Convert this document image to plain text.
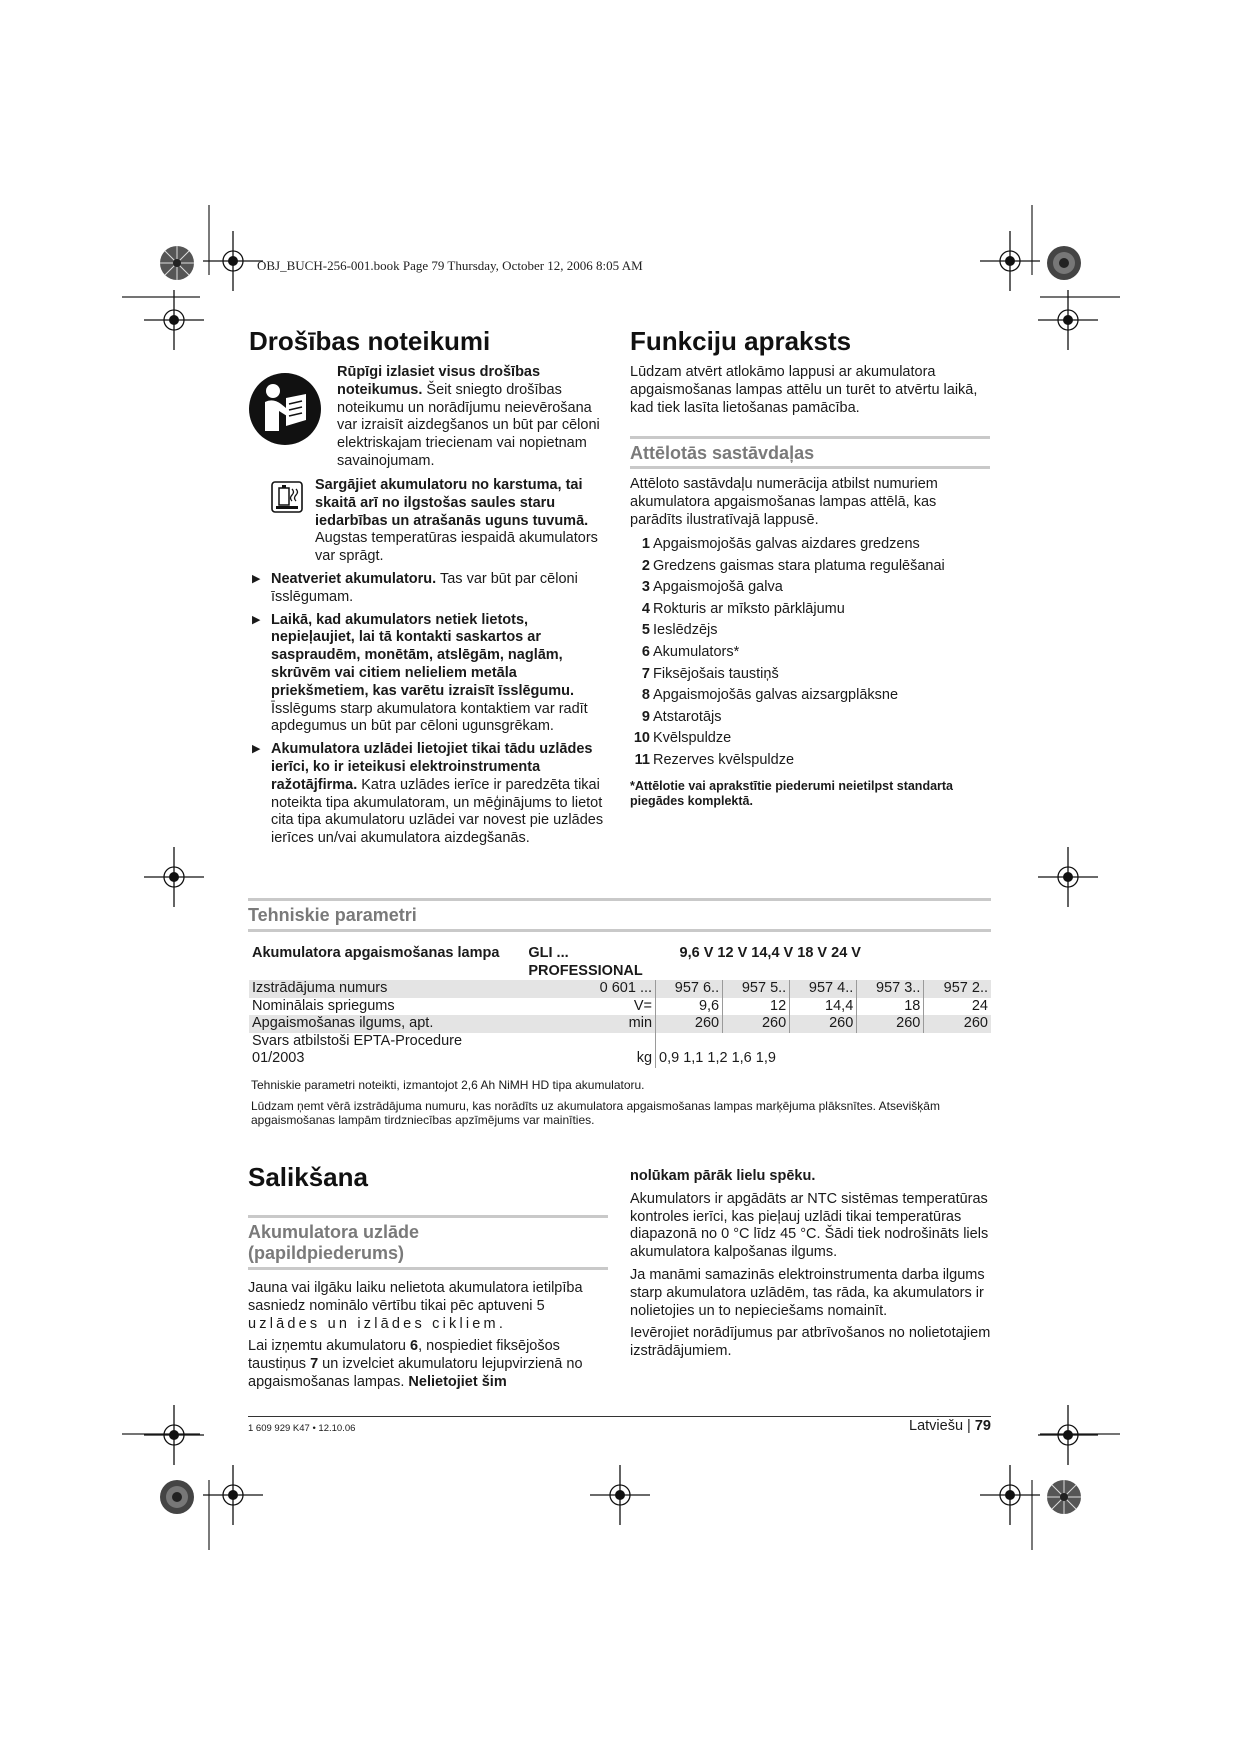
OBJ_BUCH-256-001.book Page 79 Thursday, October 12, 2006 8:05 AM
Drošības noteikumi
Rūpīgi izlasiet visus drošības noteikumus. Šeit sniegto drošības noteikumu un norādījumu neievērošana var izraisīt aizdegšanos un būt par cēloni elektriskajam triecienam vai nopietnam savainojumam.
Sargājiet akumulatoru no karstuma, tai skaitā arī no ilgstošas saules staru iedarbības un atrašanās uguns tuvumā. Augstas temperatūras iespaidā akumulators var sprāgt.
▶ Neatveriet akumulatoru. Tas var būt par cēloni īsslēgumam.
▶ Laikā, kad akumulators netiek lietots, nepieļaujiet, lai tā kontakti saskartos ar saspraudēm, monētām, atslēgām, naglām, skrūvēm vai citiem nelieliem metāla priekšmetiem, kas varētu izraisīt īsslēgumu. Īsslēgums starp akumulatora kontaktiem var radīt apdegumus un būt par cēloni ugunsgrēkam.
▶ Akumulatora uzlādei lietojiet tikai tādu uzlādes ierīci, ko ir ieteikusi elektroinstrumenta ražotājfirma. Katra uzlādes ierīce ir paredzēta tikai noteikta tipa akumulatoram, un mēģinājums to lietot cita tipa akumulatoru uzlādei var novest pie uzlādes ierīces un/vai akumulatora aizdegšanās.
Funkciju apraksts
Lūdzam atvērt atlokāmo lappusi ar akumulatora apgaismošanas lampas attēlu un turēt to atvērtu laikā, kad tiek lasīta lietošanas pamācība.
Attēlotās sastāvdaļas
Attēloto sastāvdaļu numerācija atbilst numuriem akumulatora apgaismošanas lampas attēlā, kas parādīts ilustratīvajā lappusē.
1 Apgaismojošās galvas aizdares gredzens
2 Gredzens gaismas stara platuma regulēšanai
3 Apgaismojošā galva
4 Rokturis ar mīksto pārklājumu
5 Ieslēdzējs
6 Akumulators*
7 Fiksējošais taustiņš
8 Apgaismojošās galvas aizsargplāksne
9 Atstarotājs
10 Kvēlspuldze
11 Rezerves kvēlspuldze
*Attēlotie vai aprakstītie piederumi neietilpst standarta piegādes komplektā.
Tehniskie parametri
Akumulatora apgaismošanas lampa	GLI ... PROFESSIONAL	9,6 V 12 V 14,4 V 18 V 24 V				
Izstrādājuma numurs	0 601 ...	957 6..	957 5..	957 4..	957 3..	957 2..
Nominālais spriegums	V=	9,6	12	14,4	18	24
Apgaismošanas ilgums, apt.	min	260	260	260	260	260
Svars atbilstoši EPTA-Procedure
01/2003	kg	0,9 1,1 1,2 1,6 1,9				
Tehniskie parametri noteikti, izmantojot 2,6 Ah NiMH HD tipa akumulatoru.
Lūdzam ņemt vērā izstrādājuma numuru, kas norādīts uz akumulatora apgaismošanas lampas marķējuma plāksnītes. Atsevišķām apgaismošanas lampām tirdzniecības apzīmējums var mainīties.
Salikšana
Akumulatora uzlāde
(papildpiederums)

Jauna vai ilgāku laiku nelietota akumulatora ietilpība sasniedz nominālo vērtību tikai pēc aptuveni 5 uzlādes un izlādes cikliem.

Lai izņemtu akumulatoru 6, nospiediet fiksējošos taustiņus 7 un izvelciet akumulatoru lejupvirzienā no apgaismošanas lampas. Nelietojiet šim

nolūkam pārāk lielu spēku.

Akumulators ir apgādāts ar NTC sistēmas temperatūras kontroles ierīci, kas pieļauj uzlādi tikai temperatūras diapazonā no 0 °C līdz 45 °C. Šādi tiek nodrošināts liels akumulatora kalpošanas ilgums.

Ja manāmi samazinās elektroinstrumenta darba ilgums starp akumulatora uzlādēm, tas rāda, ka akumulators ir nolietojies un to nepieciešams nomainīt.

Ievērojiet norādījumus par atbrīvošanos no nolietotajiem izstrādājumiem.

1 609 929 K47 • 12.10.06	Latviešu | 79
